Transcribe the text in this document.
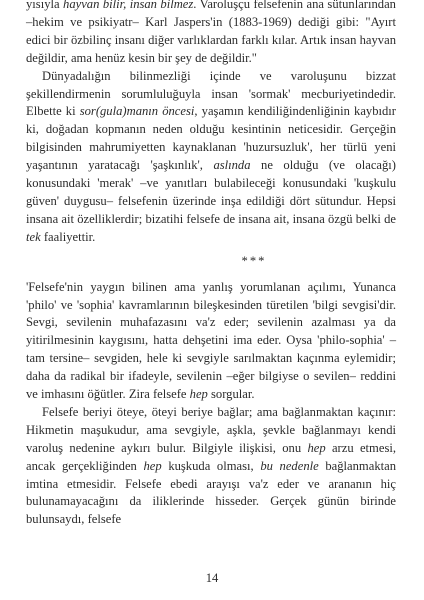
yısıyla hayvan bilir, insan bilmez. Varoluşçu felsefenin ana sütunlarından –hekim ve psikiyatr– Karl Jaspers'in (1883-1969) dediği gibi: "Ayırt edici bir özbilinç insanı diğer varlıklardan farklı kılar. Artık insan hayvan değildir, ama henüz kesin bir şey de değildir."

Dünyadalığın bilinmezliği içinde ve varoluşunu bizzat şekillendirmenin sorumluluğuyla insan 'sormak' mecburiyetindedir. Elbette ki sor(gula)manın öncesi, yaşamın kendiliğindenliğinin kaybıdır ki, doğadan kopmanın neden olduğu kesintinin neticesidir. Gerçeğin bilgisinden mahrumiyetten kaynaklanan 'huzursuzluk', her türlü yeni yaşantının yaratacağı 'şaşkınlık', aslında ne olduğu (ve olacağı) konusundaki 'merak' –ve yanıtları bulabileceği konusundaki 'kuşkulu güven' duygusu– felsefenin üzerinde inşa edildiği dört sütundur. Hepsi insana ait özelliklerdir; bizatihi felsefe de insana ait, insana özgü belki de tek faaliyettir.

***

'Felsefe'nin yaygın bilinen ama yanlış yorumlanan açılımı, Yunanca 'philo' ve 'sophia' kavramlarının bileşkesinden türetilen 'bilgi sevgisi'dir. Sevgi, sevilenin muhafazasını va'z eder; sevilenin azalması ya da yitirilmesinin kaygısını, hatta dehşetini ima eder. Oysa 'philo-sophia' –tam tersine– sevgiden, hele ki sevgiyle sarılmaktan kaçınma eylemidir; daha da radikal bir ifadeyle, sevilenin –eğer bilgiyse o sevilen– reddini ve imhasını öğütler. Zira felsefe hep sorgular.

Felsefe beriyi öteye, öteyi beriye bağlar; ama bağlanmaktan kaçınır: Hikmetin maşukudur, ama sevgiyle, aşkla, şevkle bağlanmayı kendi varoluş nedenine aykırı bulur. Bilgiyle ilişkisi, onu hep arzu etmesi, ancak gerçekliğinden hep kuşkuda olması, bu nedenle bağlanmaktan imtina etmesidir. Felsefe ebedi arayışı va'z eder ve arananın hiç bulunamayacağını da iliklerinde hisseder. Gerçek günün birinde bulunsaydı, felsefe

14
